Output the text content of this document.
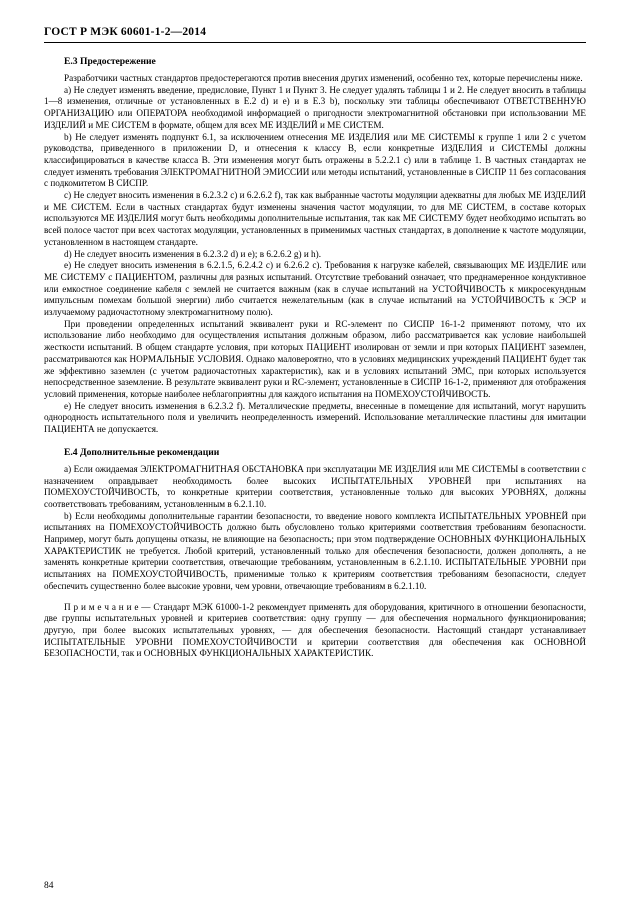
ГОСТ Р МЭК 60601-1-2—2014
Е.3 Предостережение

Разработчики частных стандартов предостерегаются против внесения других изменений, особенно тех, которые перечислены ниже.

а) Не следует изменять введение, предисловие, Пункт 1 и Пункт 3. Не следует удалять таблицы 1 и 2. Не следует вносить в таблицы 1—8 изменения, отличные от установленных в Е.2 d) и е) и в Е.3 b), поскольку эти таблицы обеспечивают ОТВЕТСТВЕННУЮ ОРГАНИЗАЦИЮ или ОПЕРАТОРА необходимой информацией о пригодности электромагнитной обстановки при использовании МЕ ИЗДЕЛИЙ и МЕ СИСТЕМ в формате, общем для всех МЕ ИЗДЕЛИЙ и МЕ СИСТЕМ.

b) Не следует изменять подпункт 6.1, за исключением отнесения МЕ ИЗДЕЛИЯ или МЕ СИСТЕМЫ к группе 1 или 2 с учетом руководства, приведенного в приложении D, и отнесения к классу В, если конкретные ИЗДЕЛИЯ и СИСТЕМЫ должны классифицироваться в качестве класса В. Эти изменения могут быть отражены в 5.2.2.1 с) или в таблице 1. В частных стандартах не следует изменять требования ЭЛЕКТРОМАГНИТНОЙ ЭМИССИИ или методы испытаний, установленные в СИСПР 11 без согласования с подкомитетом В СИСПР.

с) Не следует вносить изменения в 6.2.3.2 с) и 6.2.6.2 f), так как выбранные частоты модуляции адекватны для любых МЕ ИЗДЕЛИЙ и МЕ СИСТЕМ. Если в частных стандартах будут изменены значения частот модуляции, то для МЕ СИСТЕМ, в составе которых используются МЕ ИЗДЕЛИЯ могут быть необходимы дополнительные испытания, так как МЕ СИСТЕМУ будет необходимо испытать во всей полосе частот при всех частотах модуляции, установленных в применимых частных стандартах, в дополнение к частоте модуляции, установленном в настоящем стандарте.

d) Не следует вносить изменения в 6.2.3.2 d) и е); в 6.2.6.2 g) и h).

е) Не следует вносить изменения в 6.2.1.5, 6.2.4.2 с) и 6.2.6.2 с). Требования к нагрузке кабелей, связывающих МЕ ИЗДЕЛИЕ или МЕ СИСТЕМУ с ПАЦИЕНТОМ, различны для разных испытаний. Отсутствие требований означает, что преднамеренное кондуктивное или емкостное соединение кабеля с землей не считается важным (как в случае испытаний на УСТОЙЧИВОСТЬ к микросекундным импульсным помехам большой энергии) либо считается нежелательным (как в случае испытаний на УСТОЙЧИВОСТЬ к ЭСР и излучаемому радиочастотному электромагнитному полю).

При проведении определенных испытаний эквивалент руки и RC-элемент по СИСПР 16-1-2 применяют потому, что их использование либо необходимо для осуществления испытания должным образом, либо рассматривается как условие наибольшей жесткости испытаний. В общем стандарте условия, при которых ПАЦИЕНТ изолирован от земли и при которых ПАЦИЕНТ заземлен, рассматриваются как НОРМАЛЬНЫЕ УСЛОВИЯ. Однако маловероятно, что в условиях медицинских учреждений ПАЦИЕНТ будет так же эффективно заземлен (с учетом радиочастотных характеристик), как и в условиях испытаний ЭМС, при которых используется непосредственное заземление. В результате эквивалент руки и RC-элемент, установленные в СИСПР 16-1-2, применяют для отображения условий применения, которые наиболее неблагоприятны для каждого испытания на ПОМЕХОУСТОЙЧИВОСТЬ.

е) Не следует вносить изменения в 6.2.3.2 f). Металлические предметы, внесенные в помещение для испытаний, могут нарушить однородность испытательного поля и увеличить неопределенность измерений. Использование металлические пластины для имитации ПАЦИЕНТА не допускается.

Е.4 Дополнительные рекомендации

а) Если ожидаемая ЭЛЕКТРОМАГНИТНАЯ ОБСТАНОВКА при эксплуатации МЕ ИЗДЕЛИЯ или МЕ СИСТЕМЫ в соответствии с назначением оправдывает необходимость более высоких ИСПЫТАТЕЛЬНЫХ УРОВНЕЙ при испытаниях на ПОМЕХОУСТОЙЧИВОСТЬ, то конкретные критерии соответствия, установленные только для высоких УРОВНЯХ, должны соответствовать требованиям, установленным в 6.2.1.10.

b) Если необходимы дополнительные гарантии безопасности, то введение нового комплекта ИСПЫТАТЕЛЬНЫХ УРОВНЕЙ при испытаниях на ПОМЕХОУСТОЙЧИВОСТЬ должно быть обусловлено только критериями соответствия требованиям безопасности. Например, могут быть допущены отказы, не влияющие на безопасность; при этом подтверждение ОСНОВНЫХ ФУНКЦИОНАЛЬНЫХ ХАРАКТЕРИСТИК не требуется. Любой критерий, установленный только для обеспечения безопасности, должен дополнять, а не заменять конкретные критерии соответствия, отвечающие требованиям, установленным в 6.2.1.10. ИСПЫТАТЕЛЬНЫЕ УРОВНИ при испытаниях на ПОМЕХОУСТОЙЧИВОСТЬ, применимые только к критериям соответствия требованиям безопасности, следует обеспечить существенно более высокие уровни, чем уровни, отвечающие требованиям в 6.2.1.10.

П р и м е ч а н и е — Стандарт МЭК 61000-1-2 рекомендует применять для оборудования, критичного в отношении безопасности, две группы испытательных уровней и критериев соответствия: одну группу — для обеспечения нормального функционирования; другую, при более высоких испытательных уровнях, — для обеспечения безопасности. Настоящий стандарт устанавливает ИСПЫТАТЕЛЬНЫЕ УРОВНИ ПОМЕХОУСТОЙЧИВОСТИ и критерии соответствия для обеспечения как ОСНОВНОЙ БЕЗОПАСНОСТИ, так и ОСНОВНЫХ ФУНКЦИОНАЛЬНЫХ ХАРАКТЕРИСТИК.

84
